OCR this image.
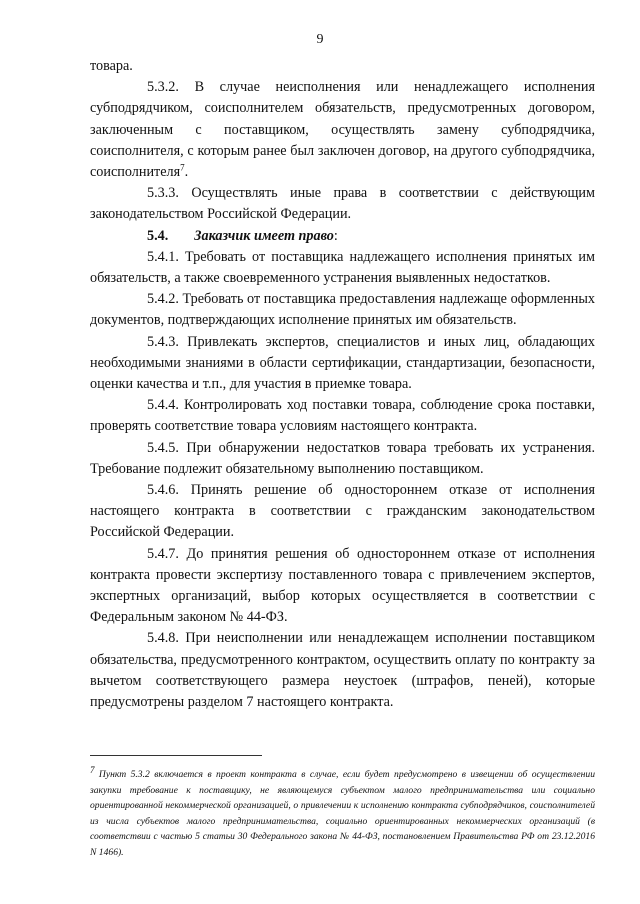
9

товара.

5.3.2. В случае неисполнения или ненадлежащего исполнения субподрядчиком, соисполнителем обязательств, предусмотренных договором, заключенным с поставщиком, осуществлять замену субподрядчика, соисполнителя, с которым ранее был заключен договор, на другого субподрядчика, соисполнителя$^7$.

5.3.3. Осуществлять иные права в соответствии с действующим законодательством Российской Федерации.

5.4. Заказчик имеет право:

5.4.1. Требовать от поставщика надлежащего исполнения принятых им обязательств, а также своевременного устранения выявленных недостатков.

5.4.2. Требовать от поставщика предоставления надлежаще оформленных документов, подтверждающих исполнение принятых им обязательств.

5.4.3. Привлекать экспертов, специалистов и иных лиц, обладающих необходимыми знаниями в области сертификации, стандартизации, безопасности, оценки качества и т.п., для участия в приемке товара.

5.4.4. Контролировать ход поставки товара, соблюдение срока поставки, проверять соответствие товара условиям настоящего контракта.

5.4.5. При обнаружении недостатков товара требовать их устранения. Требование подлежит обязательному выполнению поставщиком.

5.4.6. Принять решение об одностороннем отказе от исполнения настоящего контракта в соответствии с гражданским законодательством Российской Федерации.

5.4.7. До принятия решения об одностороннем отказе от исполнения контракта провести экспертизу поставленного товара с привлечением экспертов, экспертных организаций, выбор которых осуществляется в соответствии с Федеральным законом № 44-ФЗ.

5.4.8. При неисполнении или ненадлежащем исполнении поставщиком обязательства, предусмотренного контрактом, осуществить оплату по контракту за вычетом соответствующего размера неустоек (штрафов, пеней), которые предусмотрены разделом 7 настоящего контракта.

$^7$ Пункт 5.3.2 включается в проект контракта в случае, если будет предусмотрено в извещении об осуществлении закупки требование к поставщику, не являющемуся субъектом малого предпринимательства или социально ориентированной некоммерческой организацией, о привлечении к исполнению контракта субподрядчиков, соисполнителей из числа субъектов малого предпринимательства, социально ориентированных некоммерческих организаций (в соответствии с частью 5 статьи 30 Федерального закона № 44-ФЗ, постановлением Правительства РФ от 23.12.2016 N 1466).
